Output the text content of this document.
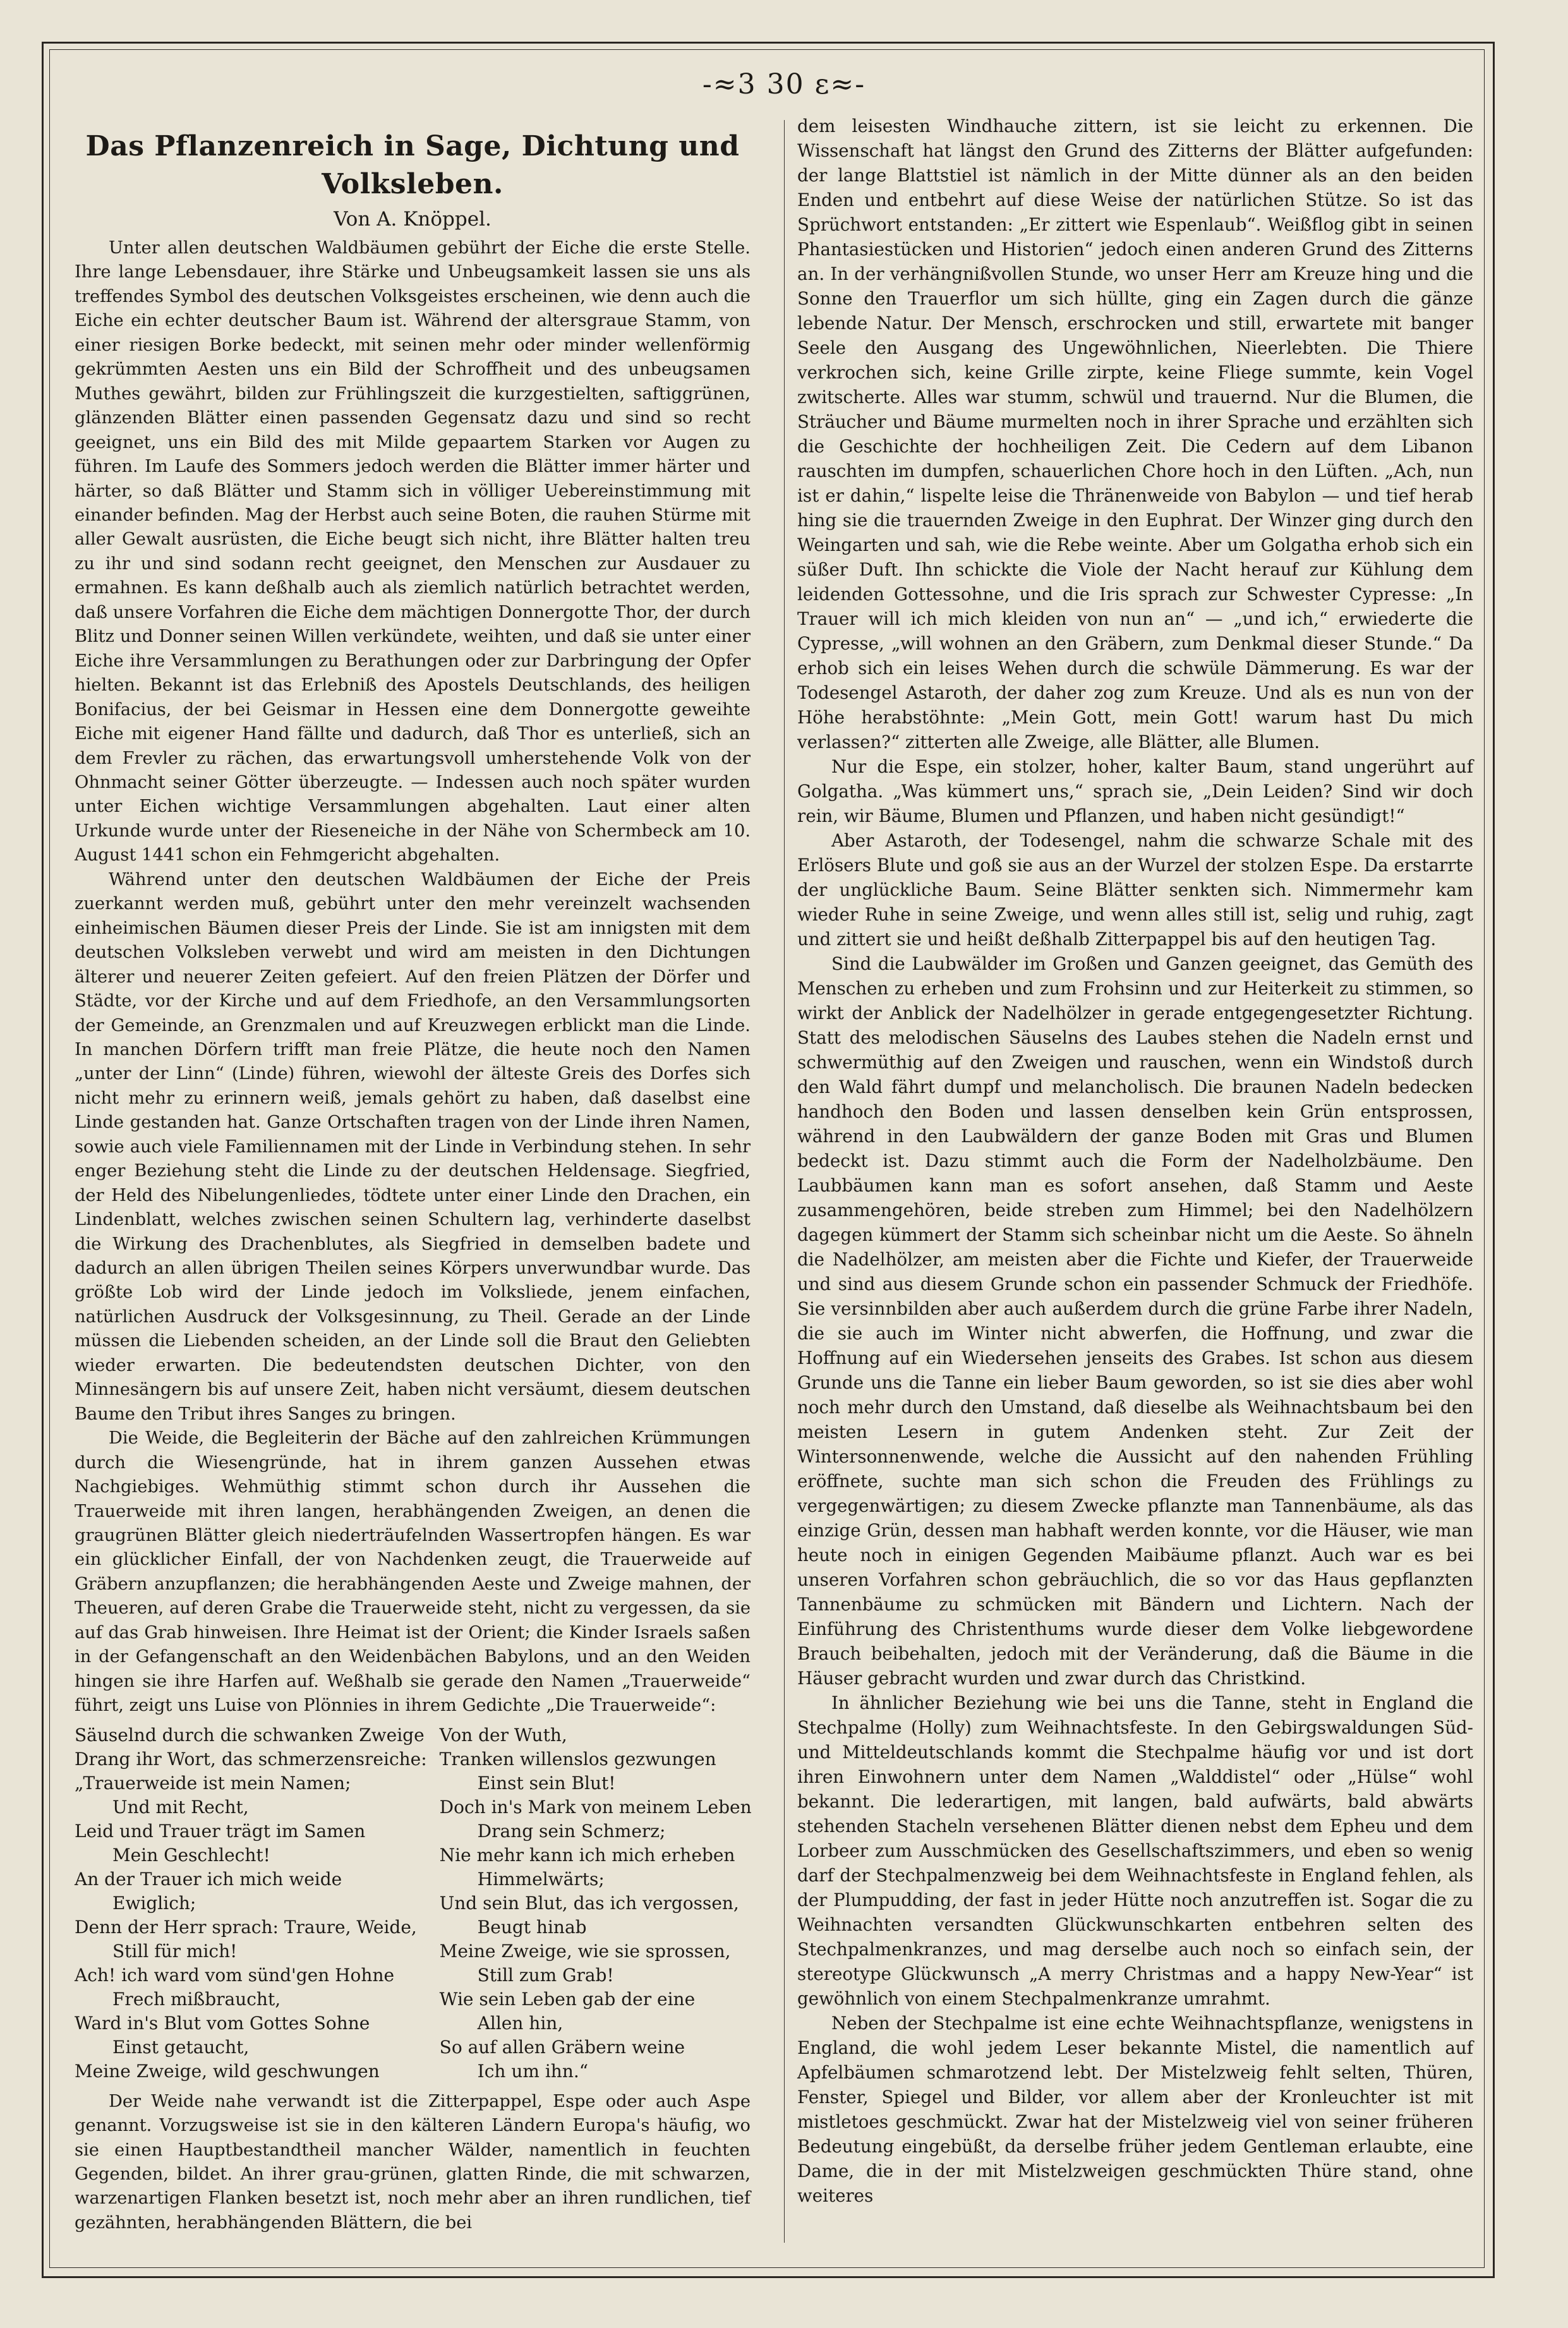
-≈3 30 ε≈-
Das Pflanzenreich in Sage, Dichtung und Volksleben.
Von A. Knöppel.

Unter allen deutschen Waldbäumen gebührt der Eiche die erste Stelle. Ihre lange Lebensdauer, ihre Stärke und Unbeugsamkeit lassen sie uns als treffendes Symbol des deutschen Volksgeistes erscheinen, wie denn auch die Eiche ein echter deutscher Baum ist. Während der altersgraue Stamm, von einer riesigen Borke bedeckt, mit seinen mehr oder minder wellenförmig gekrümmten Aesten uns ein Bild der Schroffheit und des unbeugsamen Muthes gewährt, bilden zur Frühlingszeit die kurzgestielten, saftiggrünen, glänzenden Blätter einen passenden Gegensatz dazu und sind so recht geeignet, uns ein Bild des mit Milde gepaartem Starken vor Augen zu führen. Im Laufe des Sommers jedoch werden die Blätter immer härter und härter, so daß Blätter und Stamm sich in völliger Uebereinstimmung mit einander befinden. Mag der Herbst auch seine Boten, die rauhen Stürme mit aller Gewalt ausrüsten, die Eiche beugt sich nicht, ihre Blätter halten treu zu ihr und sind sodann recht geeignet, den Menschen zur Ausdauer zu ermahnen. Es kann deßhalb auch als ziemlich natürlich betrachtet werden, daß unsere Vorfahren die Eiche dem mächtigen Donnergotte Thor, der durch Blitz und Donner seinen Willen verkündete, weihten, und daß sie unter einer Eiche ihre Versammlungen zu Berathungen oder zur Darbringung der Opfer hielten. Bekannt ist das Erlebniß des Apostels Deutschlands, des heiligen Bonifacius, der bei Geismar in Hessen eine dem Donnergotte geweihte Eiche mit eigener Hand fällte und dadurch, daß Thor es unterließ, sich an dem Frevler zu rächen, das erwartungsvoll umherstehende Volk von der Ohnmacht seiner Götter überzeugte. — Indessen auch noch später wurden unter Eichen wichtige Versammlungen abgehalten. Laut einer alten Urkunde wurde unter der Rieseneiche in der Nähe von Schermbeck am 10. August 1441 schon ein Fehmgericht abgehalten.

Während unter den deutschen Waldbäumen der Eiche der Preis zuerkannt werden muß, gebührt unter den mehr vereinzelt wachsenden einheimischen Bäumen dieser Preis der Linde. Sie ist am innigsten mit dem deutschen Volksleben verwebt und wird am meisten in den Dichtungen älterer und neuerer Zeiten gefeiert. Auf den freien Plätzen der Dörfer und Städte, vor der Kirche und auf dem Friedhofe, an den Versammlungsorten der Gemeinde, an Grenzmalen und auf Kreuzwegen erblickt man die Linde. In manchen Dörfern trifft man freie Plätze, die heute noch den Namen „unter der Linn“ (Linde) führen, wiewohl der älteste Greis des Dorfes sich nicht mehr zu erinnern weiß, jemals gehört zu haben, daß daselbst eine Linde gestanden hat. Ganze Ortschaften tragen von der Linde ihren Namen, sowie auch viele Familiennamen mit der Linde in Verbindung stehen. In sehr enger Beziehung steht die Linde zu der deutschen Heldensage. Siegfried, der Held des Nibelungenliedes, tödtete unter einer Linde den Drachen, ein Lindenblatt, welches zwischen seinen Schultern lag, verhinderte daselbst die Wirkung des Drachenblutes, als Siegfried in demselben badete und dadurch an allen übrigen Theilen seines Körpers unverwundbar wurde. Das größte Lob wird der Linde jedoch im Volksliede, jenem einfachen, natürlichen Ausdruck der Volksgesinnung, zu Theil. Gerade an der Linde müssen die Liebenden scheiden, an der Linde soll die Braut den Geliebten wieder erwarten. Die bedeutendsten deutschen Dichter, von den Minnesängern bis auf unsere Zeit, haben nicht versäumt, diesem deutschen Baume den Tribut ihres Sanges zu bringen.

Die Weide, die Begleiterin der Bäche auf den zahlreichen Krümmungen durch die Wiesengründe, hat in ihrem ganzen Aussehen etwas Nachgiebiges. Wehmüthig stimmt schon durch ihr Aussehen die Trauerweide mit ihren langen, herabhängenden Zweigen, an denen die graugrünen Blätter gleich niederträufelnden Wassertropfen hängen. Es war ein glücklicher Einfall, der von Nachdenken zeugt, die Trauerweide auf Gräbern anzupflanzen; die herabhängenden Aeste und Zweige mahnen, der Theueren, auf deren Grabe die Trauerweide steht, nicht zu vergessen, da sie auf das Grab hinweisen. Ihre Heimat ist der Orient; die Kinder Israels saßen in der Gefangenschaft an den Weidenbächen Babylons, und an den Weiden hingen sie ihre Harfen auf. Weßhalb sie gerade den Namen „Trauerweide“ führt, zeigt uns Luise von Plönnies in ihrem Gedichte „Die Trauerweide“:

Säuselnd durch die schwanken Zweige
Drang ihr Wort, das schmerzensreiche:
„Trauerweide ist mein Namen;
Und mit Recht,
Leid und Trauer trägt im Samen
Mein Geschlecht!
An der Trauer ich mich weide
Ewiglich;
Denn der Herr sprach: Traure, Weide,
Still für mich!
Ach! ich ward vom sünd'gen Hohne
Frech mißbraucht,
Ward in's Blut vom Gottes Sohne
Einst getaucht,
Meine Zweige, wild geschwungen
Von der Wuth,
Tranken willenslos gezwungen
Einst sein Blut!
Doch in's Mark von meinem Leben
Drang sein Schmerz;
Nie mehr kann ich mich erheben
Himmelwärts;
Und sein Blut, das ich vergossen,
Beugt hinab
Meine Zweige, wie sie sprossen,
Still zum Grab!
Wie sein Leben gab der eine
Allen hin,
So auf allen Gräbern weine
Ich um ihn.“

Der Weide nahe verwandt ist die Zitterpappel, Espe oder auch Aspe genannt. Vorzugsweise ist sie in den kälteren Ländern Europa's häufig, wo sie einen Hauptbestandtheil mancher Wälder, namentlich in feuchten Gegenden, bildet. An ihrer grau-grünen, glatten Rinde, die mit schwarzen, warzenartigen Flanken besetzt ist, noch mehr aber an ihren rundlichen, tief gezähnten, herabhängenden Blättern, die bei

dem leisesten Windhauche zittern, ist sie leicht zu erkennen. Die Wissenschaft hat längst den Grund des Zitterns der Blätter aufgefunden: der lange Blattstiel ist nämlich in der Mitte dünner als an den beiden Enden und entbehrt auf diese Weise der natürlichen Stütze. So ist das Sprüchwort entstanden: „Er zittert wie Espenlaub“. Weißflog gibt in seinen Phantasiestücken und Historien“ jedoch einen anderen Grund des Zitterns an. In der verhängnißvollen Stunde, wo unser Herr am Kreuze hing und die Sonne den Trauerflor um sich hüllte, ging ein Zagen durch die gänze lebende Natur. Der Mensch, erschrocken und still, erwartete mit banger Seele den Ausgang des Ungewöhnlichen, Nieerlebten. Die Thiere verkrochen sich, keine Grille zirpte, keine Fliege summte, kein Vogel zwitscherte. Alles war stumm, schwül und trauernd. Nur die Blumen, die Sträucher und Bäume murmelten noch in ihrer Sprache und erzählten sich die Geschichte der hochheiligen Zeit. Die Cedern auf dem Libanon rauschten im dumpfen, schauerlichen Chore hoch in den Lüften. „Ach, nun ist er dahin,“ lispelte leise die Thränenweide von Babylon — und tief herab hing sie die trauernden Zweige in den Euphrat. Der Winzer ging durch den Weingarten und sah, wie die Rebe weinte. Aber um Golgatha erhob sich ein süßer Duft. Ihn schickte die Viole der Nacht herauf zur Kühlung dem leidenden Gottessohne, und die Iris sprach zur Schwester Cypresse: „In Trauer will ich mich kleiden von nun an“ — „und ich,“ erwiederte die Cypresse, „will wohnen an den Gräbern, zum Denkmal dieser Stunde.“ Da erhob sich ein leises Wehen durch die schwüle Dämmerung. Es war der Todesengel Astaroth, der daher zog zum Kreuze. Und als es nun von der Höhe herabstöhnte: „Mein Gott, mein Gott! warum hast Du mich verlassen?“ zitterten alle Zweige, alle Blätter, alle Blumen.

Nur die Espe, ein stolzer, hoher, kalter Baum, stand ungerührt auf Golgatha. „Was kümmert uns,“ sprach sie, „Dein Leiden? Sind wir doch rein, wir Bäume, Blumen und Pflanzen, und haben nicht gesündigt!“

Aber Astaroth, der Todesengel, nahm die schwarze Schale mit des Erlösers Blute und goß sie aus an der Wurzel der stolzen Espe. Da erstarrte der unglückliche Baum. Seine Blätter senkten sich. Nimmermehr kam wieder Ruhe in seine Zweige, und wenn alles still ist, selig und ruhig, zagt und zittert sie und heißt deßhalb Zitterpappel bis auf den heutigen Tag.

Sind die Laubwälder im Großen und Ganzen geeignet, das Gemüth des Menschen zu erheben und zum Frohsinn und zur Heiterkeit zu stimmen, so wirkt der Anblick der Nadelhölzer in gerade entgegengesetzter Richtung. Statt des melodischen Säuselns des Laubes stehen die Nadeln ernst und schwermüthig auf den Zweigen und rauschen, wenn ein Windstoß durch den Wald fährt dumpf und melancholisch. Die braunen Nadeln bedecken handhoch den Boden und lassen denselben kein Grün entsprossen, während in den Laubwäldern der ganze Boden mit Gras und Blumen bedeckt ist. Dazu stimmt auch die Form der Nadelholzbäume. Den Laubbäumen kann man es sofort ansehen, daß Stamm und Aeste zusammengehören, beide streben zum Himmel; bei den Nadelhölzern dagegen kümmert der Stamm sich scheinbar nicht um die Aeste. So ähneln die Nadelhölzer, am meisten aber die Fichte und Kiefer, der Trauerweide und sind aus diesem Grunde schon ein passender Schmuck der Friedhöfe. Sie versinnbilden aber auch außerdem durch die grüne Farbe ihrer Nadeln, die sie auch im Winter nicht abwerfen, die Hoffnung, und zwar die Hoffnung auf ein Wiedersehen jenseits des Grabes. Ist schon aus diesem Grunde uns die Tanne ein lieber Baum geworden, so ist sie dies aber wohl noch mehr durch den Umstand, daß dieselbe als Weihnachtsbaum bei den meisten Lesern in gutem Andenken steht. Zur Zeit der Wintersonnenwende, welche die Aussicht auf den nahenden Frühling eröffnete, suchte man sich schon die Freuden des Frühlings zu vergegenwärtigen; zu diesem Zwecke pflanzte man Tannenbäume, als das einzige Grün, dessen man habhaft werden konnte, vor die Häuser, wie man heute noch in einigen Gegenden Maibäume pflanzt. Auch war es bei unseren Vorfahren schon gebräuchlich, die so vor das Haus gepflanzten Tannenbäume zu schmücken mit Bändern und Lichtern. Nach der Einführung des Christenthums wurde dieser dem Volke liebgewordene Brauch beibehalten, jedoch mit der Veränderung, daß die Bäume in die Häuser gebracht wurden und zwar durch das Christkind.

In ähnlicher Beziehung wie bei uns die Tanne, steht in England die Stechpalme (Holly) zum Weihnachtsfeste. In den Gebirgswaldungen Süd- und Mitteldeutschlands kommt die Stechpalme häufig vor und ist dort ihren Einwohnern unter dem Namen „Walddistel“ oder „Hülse“ wohl bekannt. Die lederartigen, mit langen, bald aufwärts, bald abwärts stehenden Stacheln versehenen Blätter dienen nebst dem Epheu und dem Lorbeer zum Ausschmücken des Gesellschaftszimmers, und eben so wenig darf der Stechpalmenzweig bei dem Weihnachtsfeste in England fehlen, als der Plumpudding, der fast in jeder Hütte noch anzutreffen ist. Sogar die zu Weihnachten versandten Glückwunschkarten entbehren selten des Stechpalmenkranzes, und mag derselbe auch noch so einfach sein, der stereotype Glückwunsch „A merry Christmas and a happy New-Year“ ist gewöhnlich von einem Stechpalmenkranze umrahmt.

Neben der Stechpalme ist eine echte Weihnachtspflanze, wenigstens in England, die wohl jedem Leser bekannte Mistel, die namentlich auf Apfelbäumen schmarotzend lebt. Der Mistelzweig fehlt selten, Thüren, Fenster, Spiegel und Bilder, vor allem aber der Kronleuchter ist mit mistletoes geschmückt. Zwar hat der Mistelzweig viel von seiner früheren Bedeutung eingebüßt, da derselbe früher jedem Gentleman erlaubte, eine Dame, die in der mit Mistelzweigen geschmückten Thüre stand, ohne weiteres
